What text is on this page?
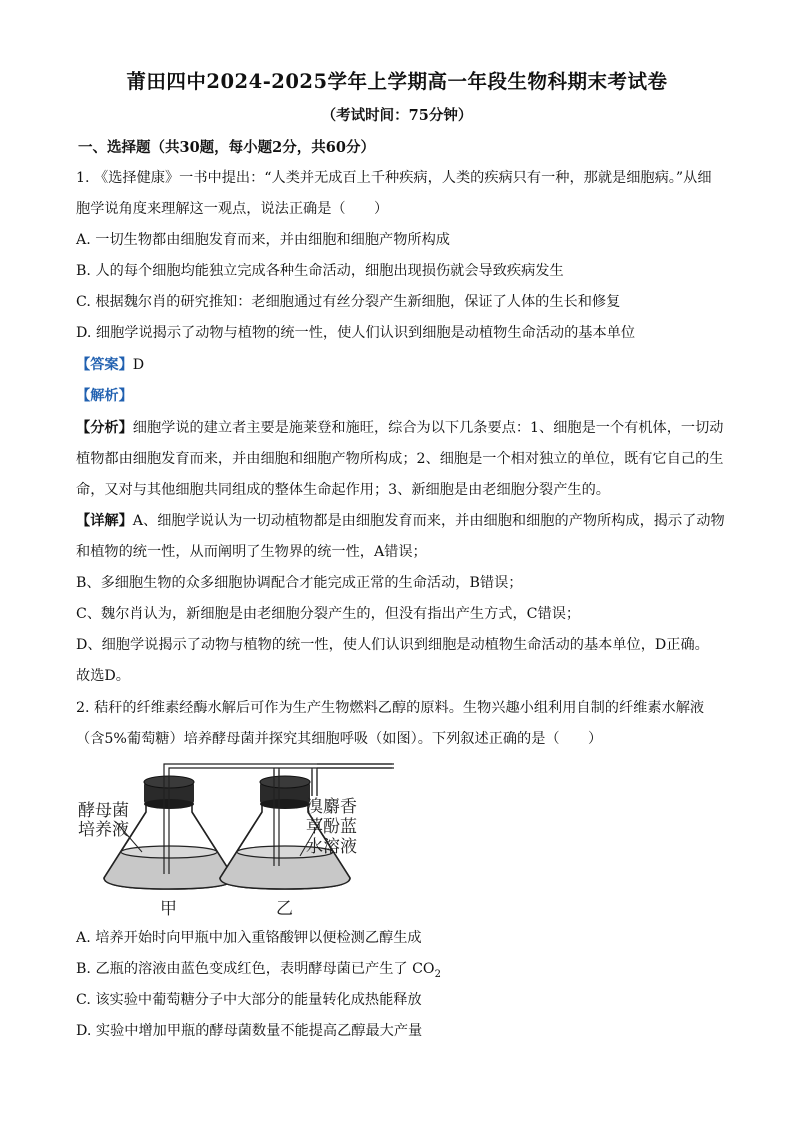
莆田四中2024-2025学年上学期高一年段生物科期末考试卷
（考试时间：75分钟）
一、选择题（共30题，每小题2分，共60分）
1. 《选择健康》一书中提出：“人类并无成百上千种疾病，人类的疾病只有一种，那就是细胞病。”从细
胞学说角度来理解这一观点，说法正确是（　　）
A. 一切生物都由细胞发育而来，并由细胞和细胞产物所构成
B. 人的每个细胞均能独立完成各种生命活动，细胞出现损伤就会导致疾病发生
C. 根据魏尔肖的研究推知：老细胞通过有丝分裂产生新细胞，保证了人体的生长和修复
D. 细胞学说揭示了动物与植物的统一性，使人们认识到细胞是动植物生命活动的基本单位
【答案】D
【解析】
【分析】细胞学说的建立者主要是施莱登和施旺，综合为以下几条要点：1、细胞是一个有机体，一切动
植物都由细胞发育而来，并由细胞和细胞产物所构成；2、细胞是一个相对独立的单位，既有它自己的生
命，又对与其他细胞共同组成的整体生命起作用；3、新细胞是由老细胞分裂产生的。
【详解】A、细胞学说认为一切动植物都是由细胞发育而来，并由细胞和细胞的产物所构成，揭示了动物
和植物的统一性，从而阐明了生物界的统一性，A错误；
B、多细胞生物的众多细胞协调配合才能完成正常的生命活动，B错误；
C、魏尔肖认为，新细胞是由老细胞分裂产生的，但没有指出产生方式，C错误；
D、细胞学说揭示了动物与植物的统一性，使人们认识到细胞是动植物生命活动的基本单位，D正确。
故选D。
2. 秸秆的纤维素经酶水解后可作为生产生物燃料乙醇的原料。生物兴趣小组利用自制的纤维素水解液
（含5%葡萄糖）培养酵母菌并探究其细胞呼吸（如图）。下列叙述正确的是（　　）
酵母菌
培养液
溴麝香
草酚蓝
水溶液
甲	乙
A. 培养开始时向甲瓶中加入重铬酸钾以便检测乙醇生成
B. 乙瓶的溶液由蓝色变成红色，表明酵母菌已产生了 $CO_2$
C. 该实验中葡萄糖分子中大部分的能量转化成热能释放
D. 实验中增加甲瓶的酵母菌数量不能提高乙醇最大产量
